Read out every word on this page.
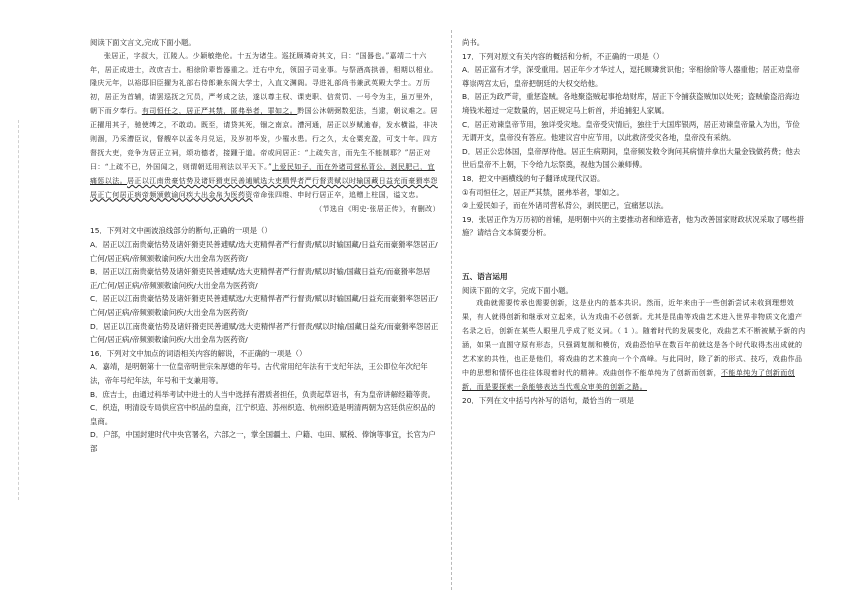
阅读下面文言文,完成下面小题。

张居正，字叔大，江陵人。少颖敏绝伦。十五为诸生。巡抚顾璘奇其文，曰：“国器也。”嘉靖二十六年，居正成进士，改庶吉士。相徐阶辈皆器重之。迁右中允，领国子司业事。与祭酒高拱善，相期以相业。隆庆元年，以裕邸旧臣擢为礼部右侍郎兼东阁大学士，入直文渊阁。寻进礼部尚书兼武英殿大学士。万历初，居正为首辅，请罢巡抚之冗员，严考成之法，遂以尊主权、课吏职、信赏罚、一号令为主，虽万里外，朝下而夕奉行。有司恒任之，居正严其禁，匿弗举者，罪如之。黔国公沐朝弼数犯法，当逮，朝议难之。居正擢用其子，驰使缚之，不敢动。既至，请贷其死，锢之南京。漕河通，居正以岁赋逾春，发水横溢，非决则涸，乃采漕臣议，督艘卒以孟冬月兑运，及岁初毕发，少罹水患。行之久，太仓粟充盈，可支十年。四方督抚大吏，竞争为居正立祠，颂功德者，接踵于道。帝或问居正：“上疏失言，而先生不能制耶？”居正对曰：“上疏不已，外国闻之，则谓朝廷用刑法以平天下。”上爱民如子，而在外诸司营私背公，剥民肥己，宜痛惩以法。居正以江南贵豪怙势及诸奸猾吏民善逋赋选大吏精悍者严行督责赋以时输国藏日益充而豪猾率怨居正亡何居正病帝频颁敕谕问疾大出金帛为医药资帝命张四维、申时行居正卒，追赠上柱国，谥文忠。

（节选自《明史·张居正传》，有删改）

15．下列对文中画波浪线部分的断句,正确的一项是（）

A．居正以江南贵豪怙势及诸奸猾吏民善逋赋/选大吏精悍者严行督责/赋以时输国藏/日益充而豪猾率怨居正/亡何/居正病/帝频颁敕谕问疾/大出金帛为医药资/

B．居正以江南贵豪怙势及诸奸猾吏民善逋赋/选大吏精悍者严行督责/赋以时输/国藏日益充/而豪猾率怨居正/亡何/居正病/帝频颁敕谕问疾/大出金帛为医药资/

C．居正以江南贵豪怙势及诸奸猾吏民善逋赋选/大吏精悍者严行督责/赋以时输国藏/日益充而豪猾率怨居正/亡何/居正病/帝频颁敕谕问疾/大出金帛为医药资/

D．居正以江南贵豪怙势及诸奸猾吏民善逋赋/选大吏精悍者严行督责/赋以时输/国藏日益充/而豪猾率怨居正亡何/居正病/帝频颁敕谕问疾/大出金帛为医药资/

16．下列对文中加点的词语相关内容的解说，不正确的一项是（）

A．嘉靖，是明朝第十一位皇帝明世宗朱厚熜的年号。古代常用纪年法有干支纪年法，王公即位年次纪年法，帝年号纪年法，年号和干支兼用等。

B．庶吉士，由通过科举考试中进士的人当中选择有潜质者担任，负责起草诏书，有为皇帝讲解经籍等责。

C．织造，明清设专局供应宫中织品的皇商，江宁织造、苏州织造、杭州织造是明清两朝为宫廷供应织品的皇商。

D．户部，中国封建时代中央官署名，六部之一，掌全国疆土、户籍、屯田、赋税、俸饷等事宜，长官为户部

尚书。

17．下列对原文有关内容的概括和分析，不正确的一项是（）

A．居正富有才学，深受重用。居正年少才华过人，逗托顾璘赏识他；宰相徐阶等人器重他；居正劝皇帝尊崇两宫太后，皇帝把朝廷的大权交给他。

B．居正为政严苛，重惩盗贼。各地聚盗贼起事抢劫财库，居正下令捕获盗贼加以处死；盗贼偷盗沿海边境钱米超过一定数量的，居正规定马上斩首，并追捕犯人家属。

C．居正劝谏皇帝节用，独详受灾地。皇帝受灾情后，独往于大国库银两，居正劝谏皇帝量入为出，节俭无谓开支，皇帝没有答应。他建议宫中应节用，以此救济受灾各地，皇帝没有采纳。

D．居正公忠体国，皇帝厚待他。居正生病期间，皇帝频发敕令询问其病情并拿出大量金钱做药费；他去世后皇帝不上朝，下令给九坛祭奠，视他为国公兼师傅。

18．把文中画横线的句子翻译成现代汉语。

①有司恒任之，居正严其禁，匿弗举者，罪如之。

②上爱民如子，而在外诸司营私背公，剥民肥己，宜痛惩以法。

19．张居正作为万历初的首辅，是明朝中兴的主要推动者和缔造者，他为改善国家财政状况采取了哪些措施？请结合文本简要分析。

五、语言运用

阅读下面的文字，完成下面小题。

戏曲就需要传承也需要创新，这是业内的基本共识。然而，近年来由于一些创新尝试未收到理想效果，有人就得创新和继承对立起来，认为戏曲不必创新。尤其是昆曲等戏曲艺术进入世界非物质文化遗产名录之后，创新在某些人眼里几乎成了贬义词。（ 1 ）。随着时代的发展变化，戏曲艺术不断被赋予新的内涵，如果一直囿守原有形态，只强调复制和模仿，戏曲恐怕早在数百年前就这是各个时代取得杰出成就的艺术家的共性，也正是他们，将戏曲的艺术推向一个个高峰。与此同时，除了新的形式、技巧，戏曲作品中的思想和情怀也往往体现着时代的精神。戏曲创作不能单纯为了创新而创新，不能单纯为了创新而创新，而是要探索一条能够表达当代观众审美的创新之路。

20．下列在文中括号内补写的语句，最恰当的一项是
